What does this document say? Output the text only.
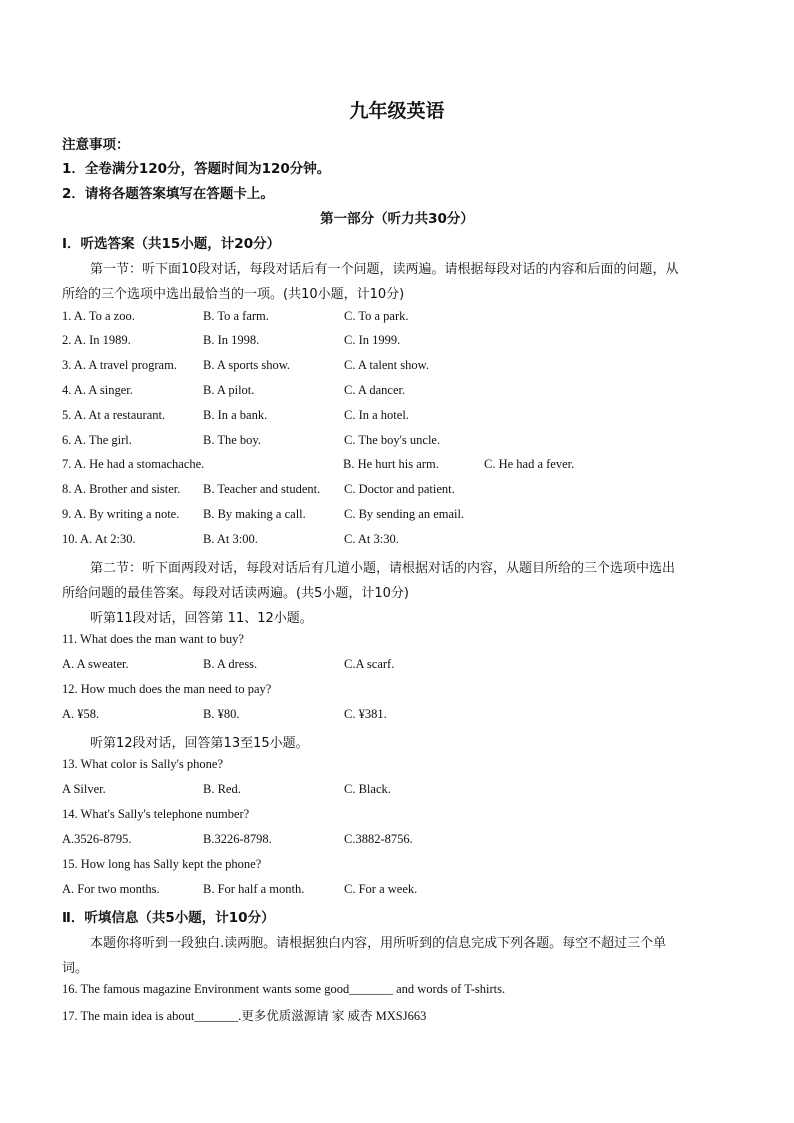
九年级英语
注意事项：
1．全卷满分120分，答题时间为120分钟。
2．请将各题答案填写在答题卡上。
第一部分（听力共30分）
Ⅰ．听选答案（共15小题，计20分）
第一节：听下面10段对话，每段对话后有一个问题，读两遍。请根据每段对话的内容和后面的问题，从
所给的三个选项中选出最恰当的一项。(共10小题，计10分)
1. A. To a zoo.	B. To a farm.	C. To a park.
2. A. In 1989.	B. In 1998.	C. In 1999.
3. A. A travel program. B. A sports show.	C. A talent show.
4. A. A singer.	B. A pilot.	C. A dancer.
5. A. At a restaurant.	B. In a bank.	C. In a hotel.
6. A. The girl.	B. The boy.	C. The boy's uncle.
7. A. He had a stomachache.	B. He hurt his arm.	C. He had a fever.
8. A. Brother and sister. B. Teacher and student. C. Doctor and patient.
9. A. By writing a note. B. By making a call.	C. By sending an email.
10. A. At 2:30.	B. At 3:00.	C. At 3:30.
第二节：听下面两段对话，每段对话后有几道小题，请根据对话的内容，从题目所给的三个选项中选出
所给问题的最佳答案。每段对话读两遍。(共5小题，计10分)
听第11段对话，回答第 11、12小题。
11. What does the man want to buy?
A. A sweater.	B. A dress.	C.A scarf.
12. How much does the man need to pay?
A. ¥58.	B. ¥80.	C. ¥381.
听第12段对话，回答第13至15小题。
13. What color is Sally's phone?
A Silver.	B. Red.	C. Black.
14. What's Sally's telephone number?
A.3526-8795.	B.3226-8798.	C.3882-8756.
15. How long has Sally kept the phone?
A. For two months.	B. For half a month.	C. For a week.
Ⅱ．听填信息（共5小题，计10分）
本题你将听到一段独白.读两胞。请根据独白内容，用所听到的信息完成下列各题。每空不超过三个单
词。
16. The famous magazine Environment wants some good_______ and words of T-shirts.
17. The main idea is about_______.更多优质滋源请 家 威杏 MXSJ663
